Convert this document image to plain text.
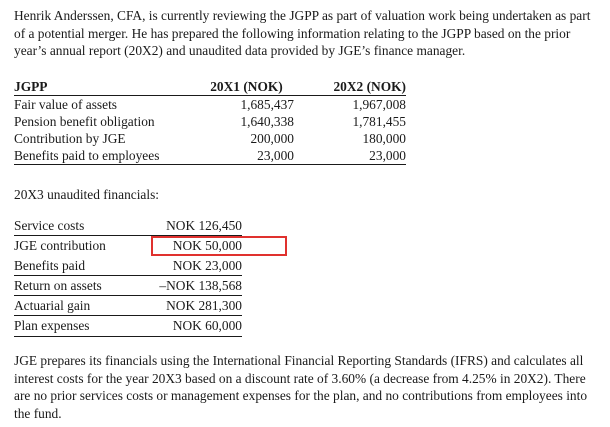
Henrik Anderssen, CFA, is currently reviewing the JGPP as part of valuation work being undertaken as part of a potential merger. He has prepared the following information relating to the JGPP based on the prior year’s annual report (20X2) and unaudited data provided by JGE’s finance manager.

JGPP	20X1 (NOK)	20X2 (NOK)
Fair value of assets	1,685,437	1,967,008
Pension benefit obligation	1,640,338	1,781,455
Contribution by JGE	200,000	180,000
Benefits paid to employees	23,000	23,000

20X3 unaudited financials:

Service costs	NOK 126,450
JGE contribution	NOK 50,000
Benefits paid	NOK 23,000
Return on assets	–NOK 138,568
Actuarial gain	NOK 281,300
Plan expenses	NOK 60,000

JGE prepares its financials using the International Financial Reporting Standards (IFRS) and calculates all interest costs for the year 20X3 based on a discount rate of 3.60% (a decrease from 4.25% in 20X2). There are no prior services costs or management expenses for the plan, and no contributions from employees into the fund.
